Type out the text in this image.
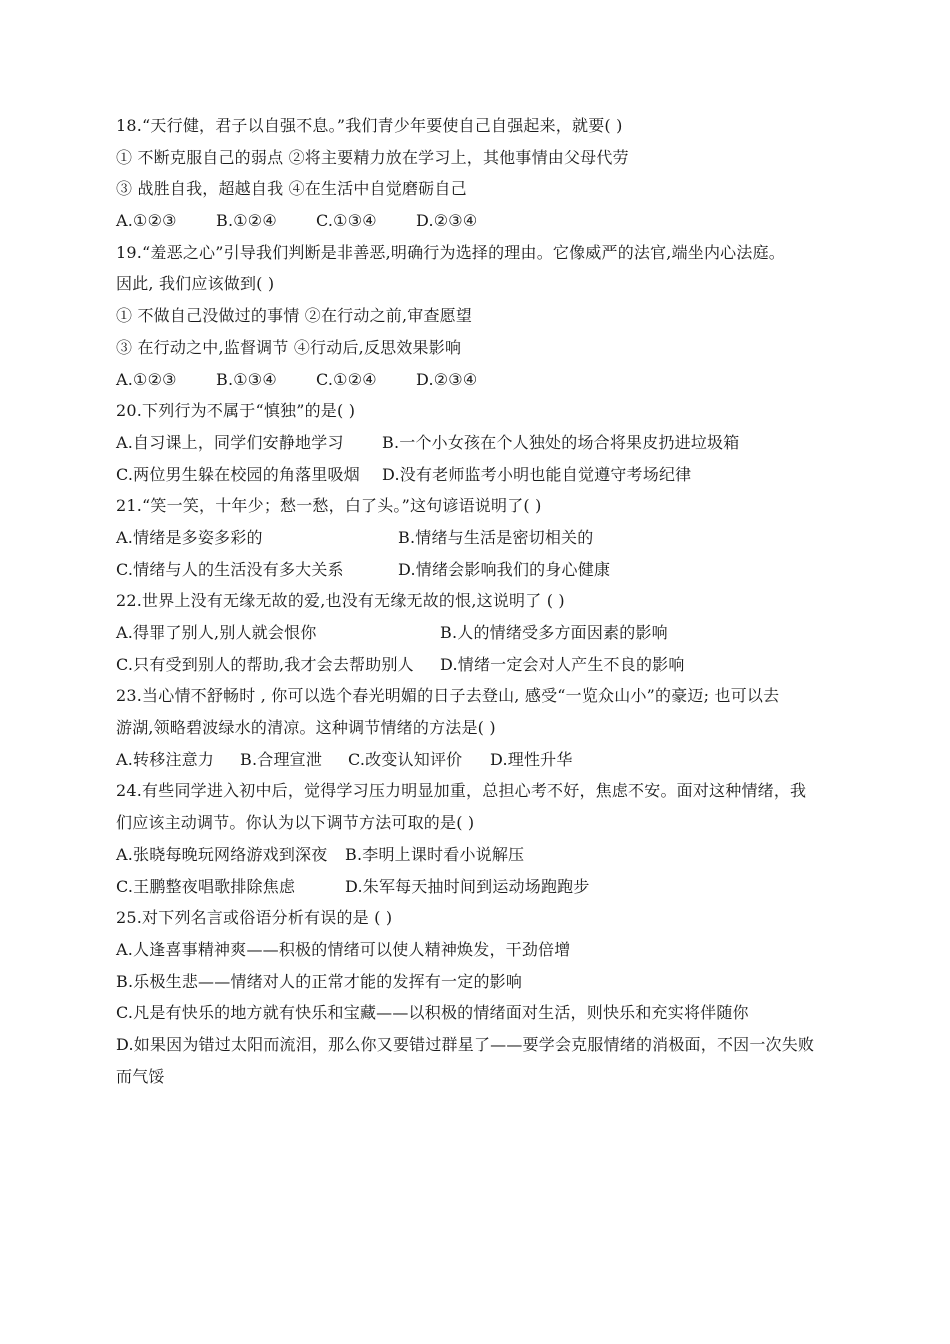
18.“天行健，君子以自强不息。”我们青少年要使自己自强起来，就要( )
① 不断克服自己的弱点 ②将主要精力放在学习上，其他事情由父母代劳
③ 战胜自我，超越自我 ④在生活中自觉磨砺自己
A.①②③	B.①②④	C.①③④	D.②③④
19.“羞恶之心”引导我们判断是非善恶,明确行为选择的理由。它像威严的法官,端坐内心法庭。
因此, 我们应该做到( )
① 不做自己没做过的事情 ②在行动之前,审查愿望
③ 在行动之中,监督调节 ④行动后,反思效果影响
A.①②③	B.①③④	C.①②④	D.②③④
20.下列行为不属于“慎独”的是( )
A.自习课上，同学们安静地学习	B.一个小女孩在个人独处的场合将果皮扔进垃圾箱
C.两位男生躲在校园的角落里吸烟	D.没有老师监考小明也能自觉遵守考场纪律
21.“笑一笑，十年少；愁一愁，白了头。”这句谚语说明了( )
A.情绪是多姿多彩的	B.情绪与生活是密切相关的
C.情绪与人的生活没有多大关系	D.情绪会影响我们的身心健康
22.世界上没有无缘无故的爱,也没有无缘无故的恨,这说明了 ( )
A.得罪了别人,别人就会恨你	B.人的情绪受多方面因素的影响
C.只有受到别人的帮助,我才会去帮助别人	D.情绪一定会对人产生不良的影响
23.当心情不舒畅时 , 你可以选个春光明媚的日子去登山, 感受“一览众山小”的豪迈; 也可以去
游湖,领略碧波绿水的清凉。这种调节情绪的方法是( )
A.转移注意力	B.合理宣泄	C.改变认知评价	D.理性升华
24.有些同学进入初中后，觉得学习压力明显加重，总担心考不好，焦虑不安。面对这种情绪，我
们应该主动调节。你认为以下调节方法可取的是( )
A.张晓每晚玩网络游戏到深夜	B.李明上课时看小说解压
C.王鹏整夜唱歌排除焦虑	D.朱军每天抽时间到运动场跑跑步
25.对下列名言或俗语分析有误的是 ( )
A.人逢喜事精神爽——积极的情绪可以使人精神焕发，干劲倍增
B.乐极生悲——情绪对人的正常才能的发挥有一定的影响
C.凡是有快乐的地方就有快乐和宝藏——以积极的情绪面对生活，则快乐和充实将伴随你
D.如果因为错过太阳而流泪，那么你又要错过群星了——要学会克服情绪的消极面，不因一次失败
而气馁
